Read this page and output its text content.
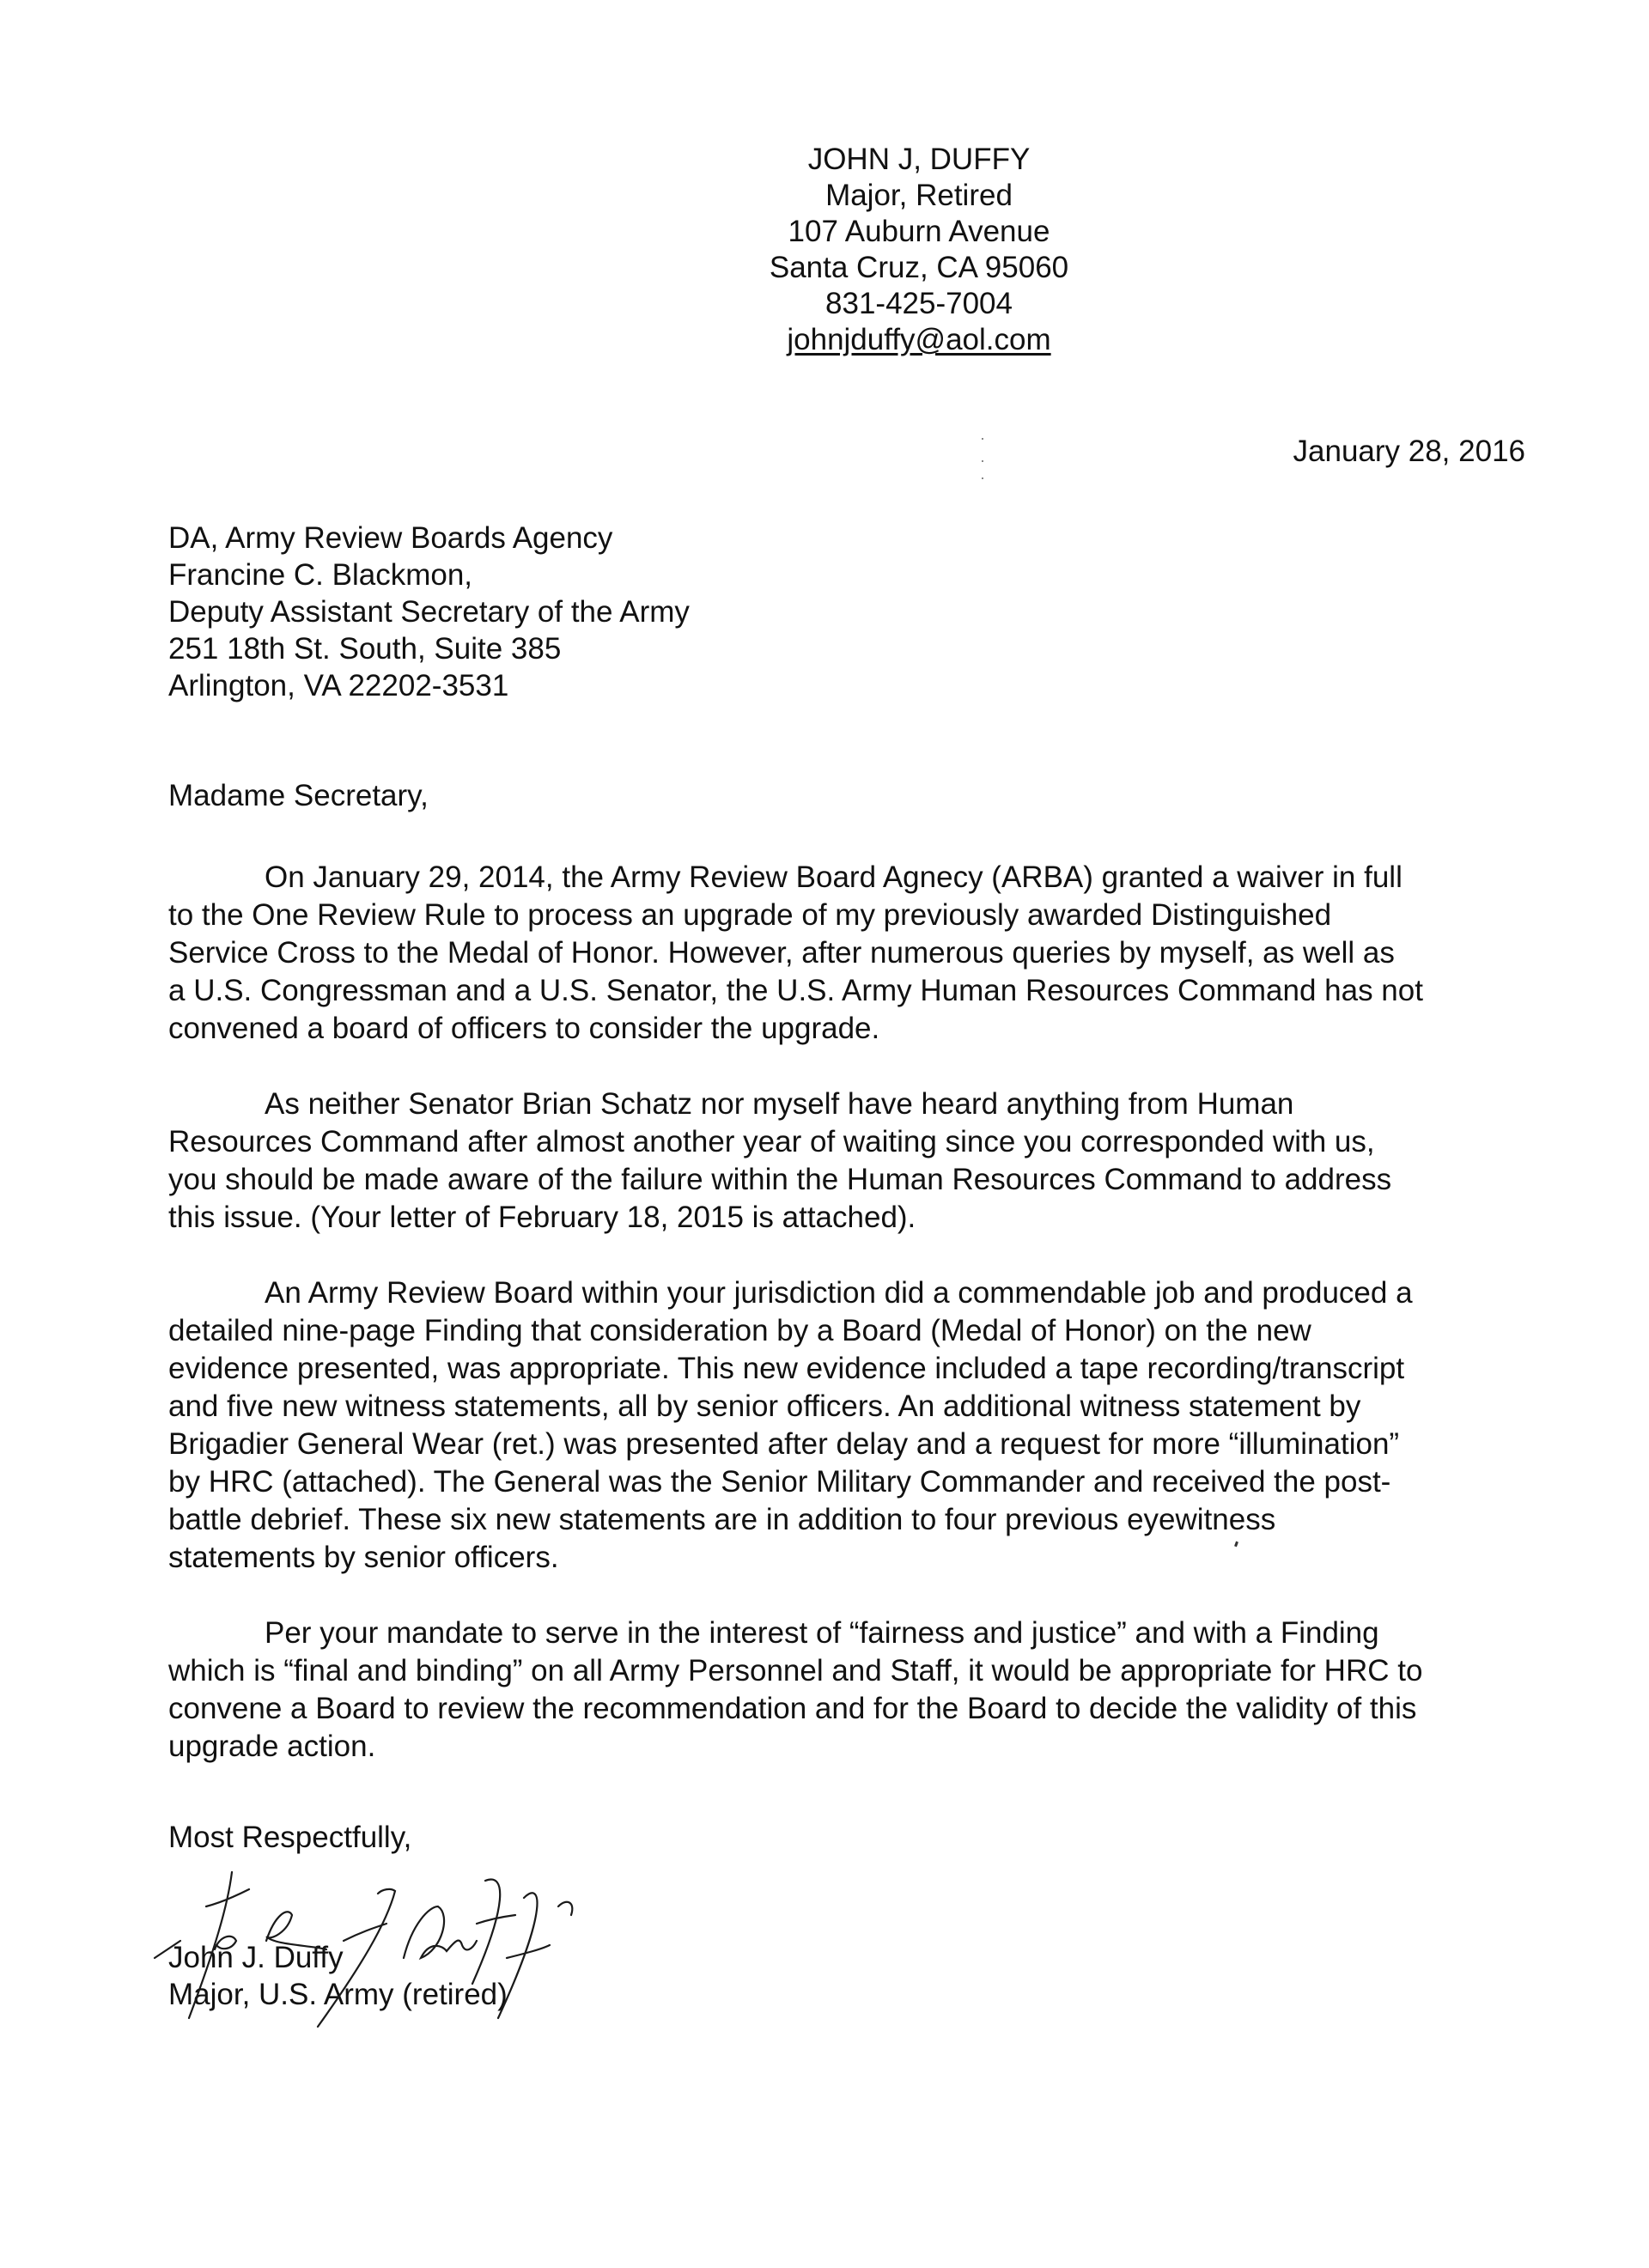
JOHN J, DUFFY
Major, Retired
107 Auburn Avenue
Santa Cruz, CA 95060
831-425-7004
johnjduffy@aol.com
January 28, 2016
DA, Army Review Boards Agency
Francine C. Blackmon,
Deputy Assistant Secretary of the Army
251 18th St. South, Suite 385
Arlington, VA 22202-3531
Madame Secretary,
On January 29, 2014, the Army Review Board Agnecy (ARBA) granted a waiver in full
to the One Review Rule to process an upgrade of my previously awarded Distinguished
Service Cross to the Medal of Honor. However, after numerous queries by myself, as well as
a U.S. Congressman and a U.S. Senator, the U.S. Army Human Resources Command has not
convened a board of officers to consider the upgrade.
As neither Senator Brian Schatz nor myself have heard anything from Human
Resources Command after almost another year of waiting since you corresponded with us,
you should be made aware of the failure within the Human Resources Command to address
this issue. (Your letter of February 18, 2015 is attached).
An Army Review Board within your jurisdiction did a commendable job and produced a
detailed nine-page Finding that consideration by a Board (Medal of Honor) on the new
evidence presented, was appropriate. This new evidence included a tape recording/transcript
and five new witness statements, all by senior officers. An additional witness statement by
Brigadier General Wear (ret.) was presented after delay and a request for more “illumination”
by HRC (attached). The General was the Senior Military Commander and received the post-
battle debrief. These six new statements are in addition to four previous eyewitness
statements by senior officers.
Per your mandate to serve in the interest of “fairness and justice” and with a Finding
which is “final and binding” on all Army Personnel and Staff, it would be appropriate for HRC to
convene a Board to review the recommendation and for the Board to decide the validity of this
upgrade action.
Most Respectfully,
John J. Duffy
Major, U.S. Army (retired)
